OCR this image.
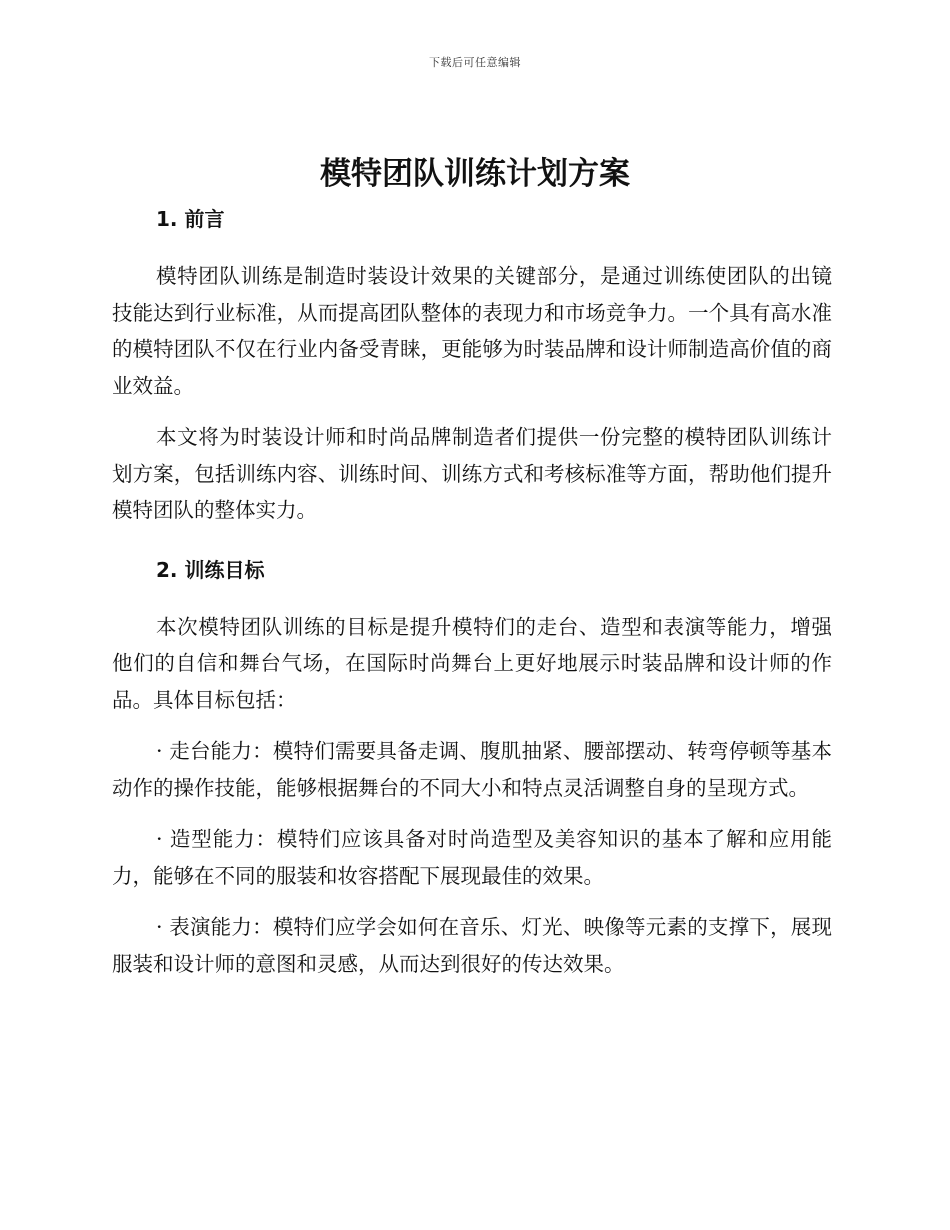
下载后可任意编辑
模特团队训练计划方案
1. 前言

模特团队训练是制造时装设计效果的关键部分，是通过训练使团队的出镜技能达到行业标准，从而提高团队整体的表现力和市场竞争力。一个具有高水准的模特团队不仅在行业内备受青睐，更能够为时装品牌和设计师制造高价值的商业效益。

本文将为时装设计师和时尚品牌制造者们提供一份完整的模特团队训练计划方案，包括训练内容、训练时间、训练方式和考核标准等方面，帮助他们提升模特团队的整体实力。

2. 训练目标

本次模特团队训练的目标是提升模特们的走台、造型和表演等能力，增强他们的自信和舞台气场，在国际时尚舞台上更好地展示时装品牌和设计师的作品。具体目标包括：

· 走台能力：模特们需要具备走调、腹肌抽紧、腰部摆动、转弯停顿等基本动作的操作技能，能够根据舞台的不同大小和特点灵活调整自身的呈现方式。

· 造型能力：模特们应该具备对时尚造型及美容知识的基本了解和应用能力，能够在不同的服装和妆容搭配下展现最佳的效果。

· 表演能力：模特们应学会如何在音乐、灯光、映像等元素的支撑下，展现服装和设计师的意图和灵感，从而达到很好的传达效果。
